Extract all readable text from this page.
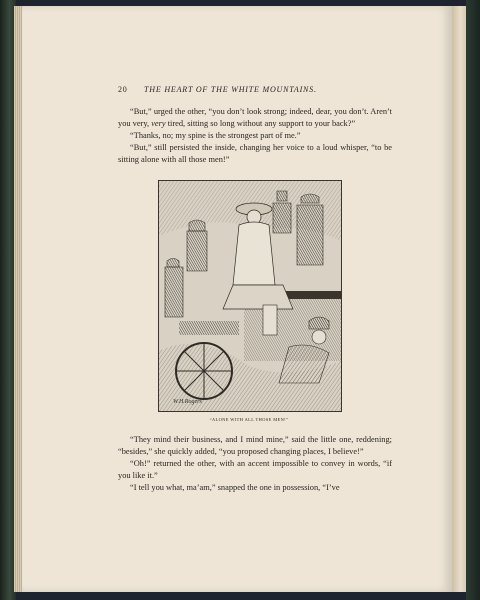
20 THE HEART OF THE WHITE MOUNTAINS.

“But,” urged the other, “you don’t look strong; indeed, dear, you don’t. Aren’t you very, very tired, sitting so long without any support to your back?”

“Thanks, no; my spine is the strongest part of me.”

“But,” still persisted the inside, changing her voice to a loud whisper, “to be sitting alone with all those men!”

W.H.Rogers
“ALONE WITH ALL THOSE MEN!”

“They mind their business, and I mind mine,” said the little one, reddening; “besides,” she quickly added, “you proposed changing places, I believe!”

“Oh!” returned the other, with an accent impossible to convey in words, “if you like it.”

“I tell you what, ma’am,” snapped the one in possession, “I’ve
